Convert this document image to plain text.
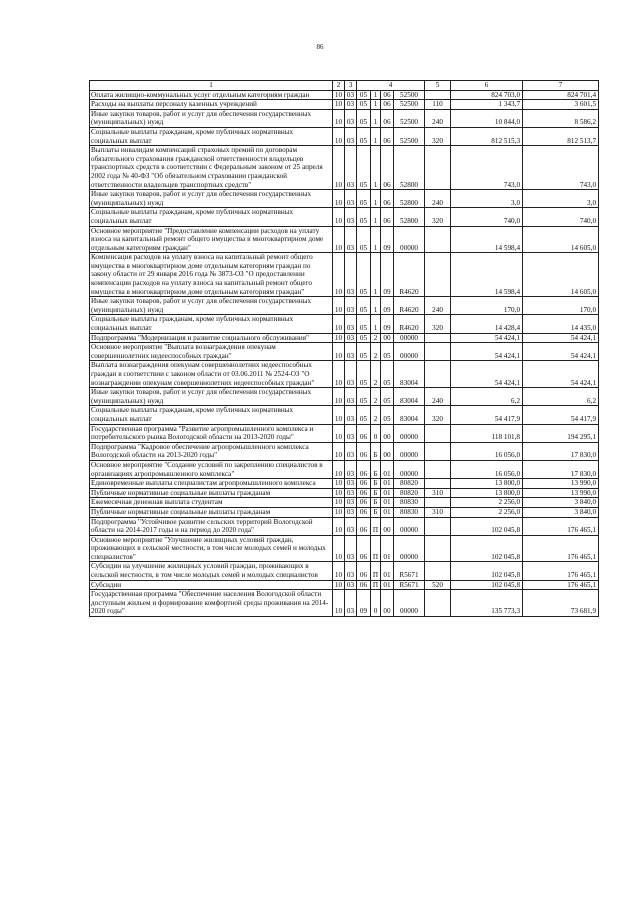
86
1	2	3	4				5	6	7
Оплата жилищно-коммунальных услуг отдельным категориям граждан	10	03	05	1	06	52500		824 703,0	824 701,4
Расходы на выплаты персоналу казенных учреждений	10	03	05	1	06	52500	110	1 343,7	3 601,5
Иные закупки товаров, работ и услуг для обеспечения государственных (муниципальных) нужд	10	03	05	1	06	52500	240	10 844,0	8 586,2
Социальные выплаты гражданам, кроме публичных нормативных социальных выплат	10	03	05	1	06	52500	320	812 515,3	812 513,7
Выплаты инвалидам компенсаций страховых премий по договорам обязательного страхования гражданской ответственности владельцев транспортных средств в соответствии с Федеральным законом от 25 апреля 2002 года № 40-ФЗ "Об обязательном страховании гражданской ответственности владельцев транспортных средств"	10	03	05	1	06	52800		743,0	743,0
Иные закупки товаров, работ и услуг для обеспечения государственных (муниципальных) нужд	10	03	05	1	06	52800	240	3,0	3,0
Социальные выплаты гражданам, кроме публичных нормативных социальных выплат	10	03	05	1	06	52800	320	740,0	740,0
Основное мероприятие "Предоставление компенсации расходов на уплату взноса на капитальный ремонт общего имущества в многоквартирном доме отдельным категориям граждан"	10	03	05	1	09	00000		14 598,4	14 605,0
Компенсация расходов на уплату взноса на капитальный ремонт общего имущества в многоквартирном доме отдельным категориям граждан по закону области от 29 января 2016 года № 3873-ОЗ "О предоставлении компенсации расходов на уплату взноса на капитальный ремонт общего имущества в многоквартирном доме отдельным категориям граждан"	10	03	05	1	09	R4620		14 598,4	14 605,0
Иные закупки товаров, работ и услуг для обеспечения государственных (муниципальных) нужд	10	03	05	1	09	R4620	240	170,0	170,0
Социальные выплаты гражданам, кроме публичных нормативных социальных выплат	10	03	05	1	09	R4620	320	14 428,4	14 435,0
Подпрограмма "Модернизация и развитие социального обслуживания"	10	03	05	2	00	00000		54 424,1	54 424,1
Основное мероприятие "Выплата вознаграждения опекунам совершеннолетних недееспособных граждан"	10	03	05	2	05	00000		54 424,1	54 424,1
Выплата вознаграждения опекунам совершеннолетних недееспособных граждан в соответствии с законом области от 03.06.2011 № 2524-ОЗ "О вознаграждении опекунам совершеннолетних недееспособных граждан"	10	03	05	2	05	83004		54 424,1	54 424,1
Иные закупки товаров, работ и услуг для обеспечения государственных (муниципальных) нужд	10	03	05	2	05	83004	240	6,2	6,2
Социальные выплаты гражданам, кроме публичных нормативных социальных выплат	10	03	05	2	05	83004	320	54 417,9	54 417,9
Государственная программа "Развитие агропромышленного комплекса и потребительского рынка Вологодской области на 2013-2020 годы"	10	03	06	0	00	00000		118 101,8	194 295,1
Подпрограмма "Кадровое обеспечение агропромышленного комплекса Вологодской области на 2013-2020 годы"	10	03	06	Б	00	00000		16 056,0	17 830,0
Основное мероприятие "Создание условий по закреплению специалистов в организациях агропромышленного комплекса"	10	03	06	Б	01	00000		16 056,0	17 830,0
Единовременные выплаты специалистам агропромышленного комплекса	10	03	06	Б	01	80820		13 800,0	13 990,0
Публичные нормативные социальные выплаты гражданам	10	03	06	Б	01	80820	310	13 800,0	13 990,0
Ежемесячная денежная выплата студентам	10	03	06	Б	01	80830		2 256,0	3 840,0
Публичные нормативные социальные выплаты гражданам	10	03	06	Б	01	80830	310	2 256,0	3 840,0
Подпрограмма "Устойчивое развитие сельских территорий Вологодской области на 2014-2017 годы и на период до 2020 года"	10	03	06	П	00	00000		102 045,8	176 465,1
Основное мероприятие "Улучшение жилищных условий граждан, проживающих в сельской местности, в том числе молодых семей и молодых специалистов"	10	03	06	П	01	00000		102 045,8	176 465,1
Субсидии на улучшение жилищных условий граждан, проживающих в сельской местности, в том числе молодых семей и молодых специалистов	10	03	06	П	01	R5671		102 045,8	176 465,1
Субсидии	10	03	06	П	01	R5671	520	102 045,8	176 465,1
Государственная программа "Обеспечение населения Вологодской области доступным жильем и формирование комфортной среды проживания на 2014-2020 годы"	10	03	09	0	00	00000		135 773,3	73 681,9
